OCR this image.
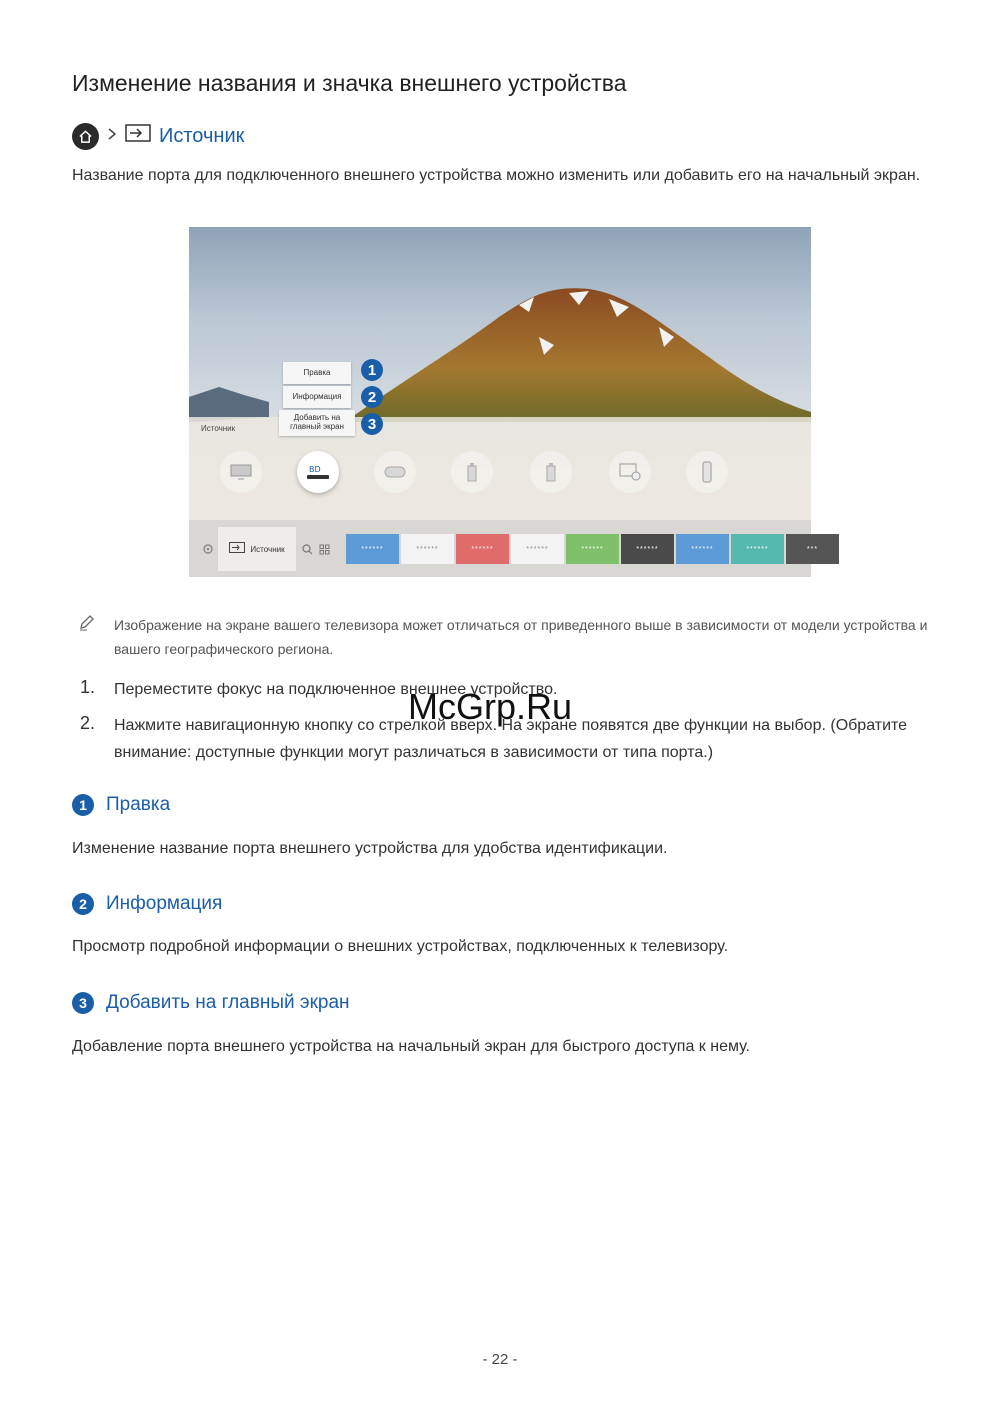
Изменение названия и значка внешнего устройства
Источник
Название порта для подключенного внешнего устройства можно изменить или добавить его на начальный экран.
Правка
Информация
Добавить на главный экран
1
2
3
Источник
BD
Источник	******	******	******	******	******	******	******	******	***
Изображение на экране вашего телевизора может отличаться от приведенного выше в зависимости от модели устройства и вашего географического региона.
1. Переместите фокус на подключенное внешнее устройство.
2. Нажмите навигационную кнопку со стрелкой вверх. На экране появятся две функции на выбор. (Обратите внимание: доступные функции могут различаться в зависимости от типа порта.)
McGrp.Ru
1	Правка
Изменение название порта внешнего устройства для удобства идентификации.
2	Информация
Просмотр подробной информации о внешних устройствах, подключенных к телевизору.
3	Добавить на главный экран
Добавление порта внешнего устройства на начальный экран для быстрого доступа к нему.
- 22 -
